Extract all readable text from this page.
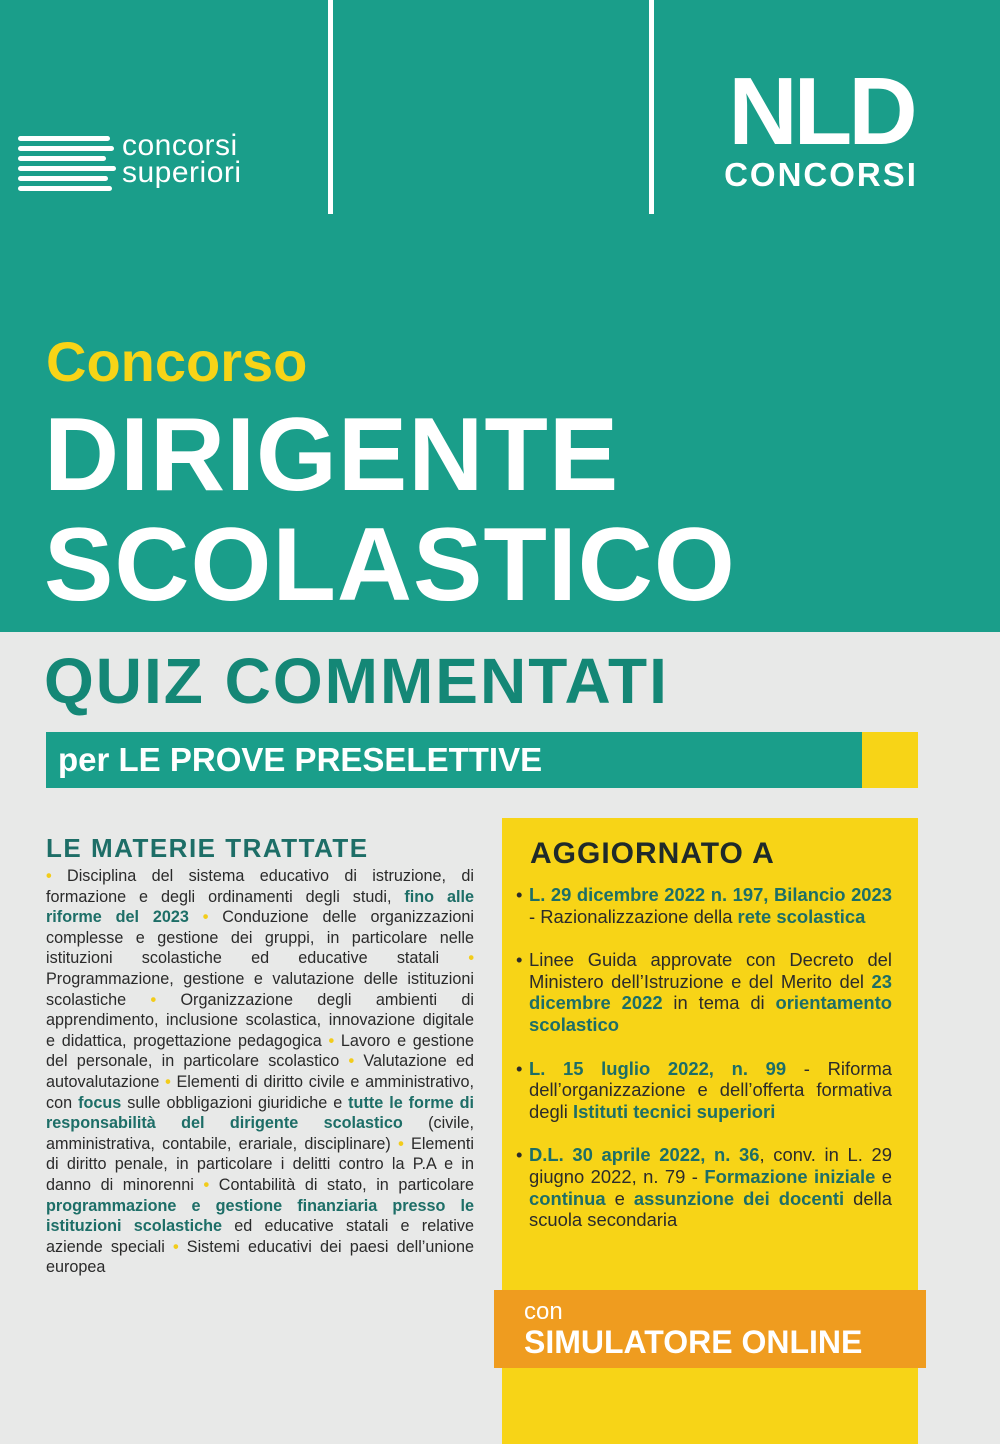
concorsi
superiori
NLD
CONCORSI
Concorso
DIRIGENTE
SCOLASTICO
QUIZ COMMENTATI
per LE PROVE PRESELETTIVE
LE MATERIE TRATTATE

• Disciplina del sistema educativo di istruzione, di formazione e degli ordinamenti degli studi, fino alle riforme del 2023 • Conduzione delle organizzazioni complesse e gestione dei gruppi, in particolare nelle istituzioni scolastiche ed educative statali • Programmazione, gestione e valutazione delle istituzioni scolastiche • Organizzazione degli ambienti di apprendimento, inclusione scolastica, innovazione digitale e didattica, progettazione pedagogica • Lavoro e gestione del personale, in particolare scolastico • Valutazione ed autovalutazione • Elementi di diritto civile e amministrativo, con focus sulle obbligazioni giuridiche e tutte le forme di responsabilità del dirigente scolastico (civile, amministrativa, contabile, erariale, disciplinare) • Elementi di diritto penale, in particolare i delitti contro la P.A e in danno di minorenni • Contabilità di stato, in particolare programmazione e gestione finanziaria presso le istituzioni scolastiche ed educative statali e relative aziende speciali • Sistemi educativi dei paesi dell’unione europea

AGGIORNATO A
• L. 29 dicembre 2022 n. 197, Bilancio 2023 - Razionalizzazione della rete scolastica
• Linee Guida approvate con Decreto del Ministero dell’Istruzione e del Merito del 23 dicembre 2022 in tema di orientamento scolastico
• L. 15 luglio 2022, n. 99 - Riforma dell’organizzazione e dell’offerta formativa degli Istituti tecnici superiori
• D.L. 30 aprile 2022, n. 36, conv. in L. 29 giugno 2022, n. 79 - Formazione iniziale e continua e assunzione dei docenti della scuola secondaria
con
SIMULATORE ONLINE
